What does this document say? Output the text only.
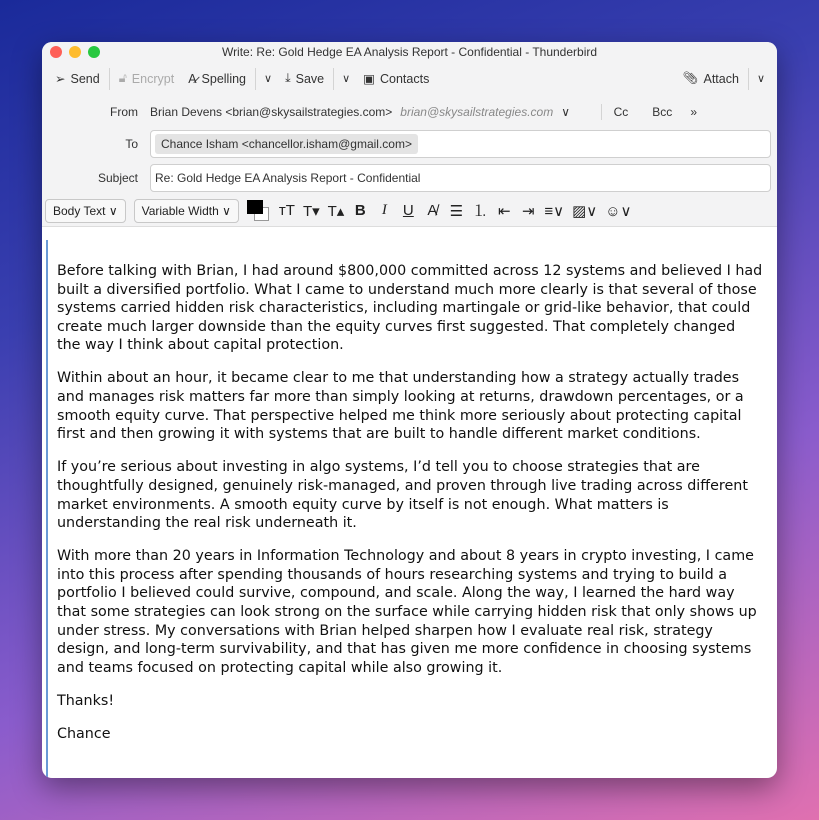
Write: Re: Gold Hedge EA Analysis Report - Confidential - Thunderbird
➢ Send 🔓︎ Encrypt A̷ Spelling	∨	⤓ Save	∨	▣ Contacts	📎︎ Attach	∨
From	Brian Devens <brian@skysailstrategies.com> brian@skysailstrategies.com ∨	Cc Bcc »
To	Chance Isham <chancellor.isham@gmail.com>
Subject	Re: Gold Hedge EA Analysis Report - Confidential
Body Text ∨	Variable Width ∨	ᴛT T▾ T▴ B	I	U A̸ ☰ ⒈ ⇤ ⇥ ≡∨ ▨∨ ☺∨

Before talking with Brian, I had around $800,000 committed across 12 systems and believed I had built a diversified portfolio. What I came to understand much more clearly is that several of those systems carried hidden risk characteristics, including martingale or grid-like behavior, that could create much larger downside than the equity curves first suggested. That completely changed the way I think about capital protection.

Within about an hour, it became clear to me that understanding how a strategy actually trades and manages risk matters far more than simply looking at returns, drawdown percentages, or a smooth equity curve. That perspective helped me think more seriously about protecting capital first and then growing it with systems that are built to handle different market conditions.

If you’re serious about investing in algo systems, I’d tell you to choose strategies that are thoughtfully designed, genuinely risk-managed, and proven through live trading across different market environments. A smooth equity curve by itself is not enough. What matters is understanding the real risk underneath it.

With more than 20 years in Information Technology and about 8 years in crypto investing, I came into this process after spending thousands of hours researching systems and trying to build a portfolio I believed could survive, compound, and scale. Along the way, I learned the hard way that some strategies can look strong on the surface while carrying hidden risk that only shows up under stress. My conversations with Brian helped sharpen how I evaluate real risk, strategy design, and long-term survivability, and that has given me more confidence in choosing systems and teams focused on protecting capital while also growing it.

Thanks!

Chance
